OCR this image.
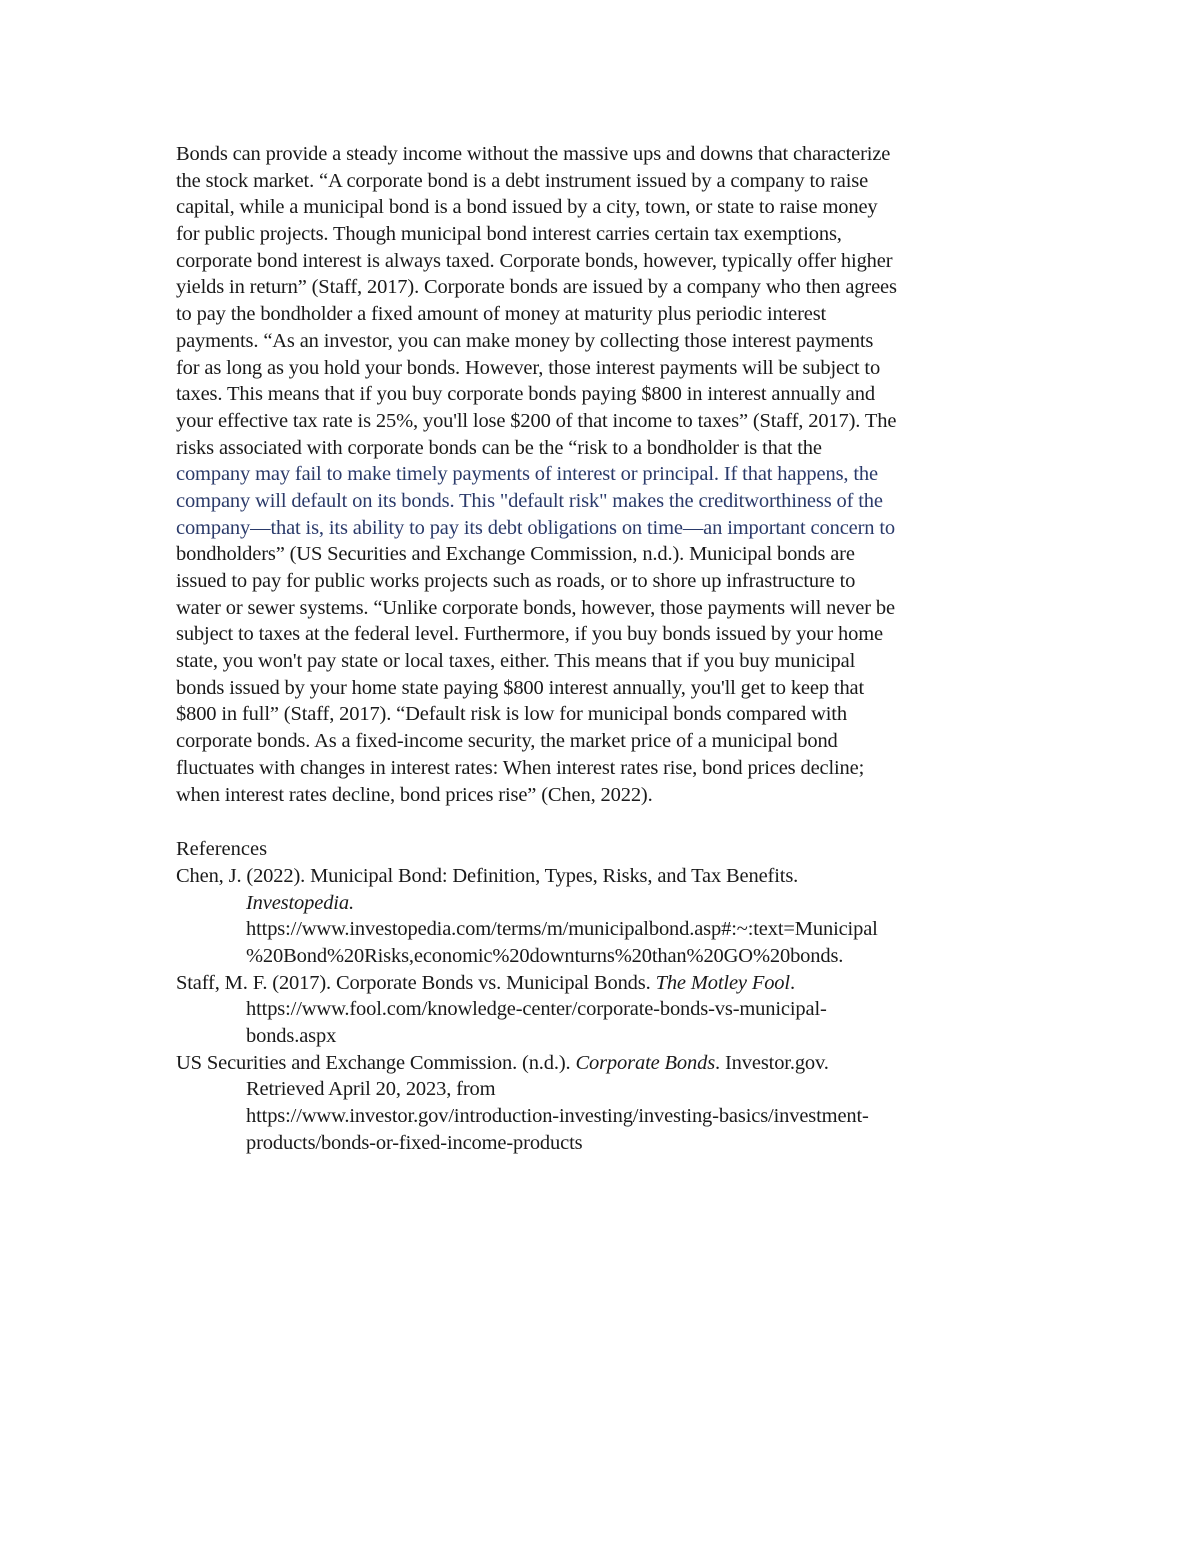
Bonds can provide a steady income without the massive ups and downs that characterize
the stock market. “A corporate bond is a debt instrument issued by a company to raise
capital, while a municipal bond is a bond issued by a city, town, or state to raise money
for public projects. Though municipal bond interest carries certain tax exemptions,
corporate bond interest is always taxed. Corporate bonds, however, typically offer higher
yields in return” (Staff, 2017). Corporate bonds are issued by a company who then agrees
to pay the bondholder a fixed amount of money at maturity plus periodic interest
payments. “As an investor, you can make money by collecting those interest payments
for as long as you hold your bonds. However, those interest payments will be subject to
taxes. This means that if you buy corporate bonds paying $800 in interest annually and
your effective tax rate is 25%, you'll lose $200 of that income to taxes” (Staff, 2017). The
risks associated with corporate bonds can be the “risk to a bondholder is that the
company may fail to make timely payments of interest or principal. If that happens, the
company will default on its bonds. This "default risk" makes the creditworthiness of the
company—that is, its ability to pay its debt obligations on time—an important concern to
bondholders” (US Securities and Exchange Commission, n.d.). Municipal bonds are
issued to pay for public works projects such as roads, or to shore up infrastructure to
water or sewer systems. “Unlike corporate bonds, however, those payments will never be
subject to taxes at the federal level. Furthermore, if you buy bonds issued by your home
state, you won't pay state or local taxes, either. This means that if you buy municipal
bonds issued by your home state paying $800 interest annually, you'll get to keep that
$800 in full” (Staff, 2017). “Default risk is low for municipal bonds compared with
corporate bonds. As a fixed-income security, the market price of a municipal bond
fluctuates with changes in interest rates: When interest rates rise, bond prices decline;
when interest rates decline, bond prices rise” (Chen, 2022).
References
Chen, J. (2022). Municipal Bond: Definition, Types, Risks, and Tax Benefits.
Investopedia.
https://www.investopedia.com/terms/m/municipalbond.asp#:~:text=Municipal
%20Bond%20Risks,economic%20downturns%20than%20GO%20bonds.
Staff, M. F. (2017). Corporate Bonds vs. Municipal Bonds. The Motley Fool.
https://www.fool.com/knowledge-center/corporate-bonds-vs-municipal-
bonds.aspx
US Securities and Exchange Commission. (n.d.). Corporate Bonds. Investor.gov.
Retrieved April 20, 2023, from
https://www.investor.gov/introduction-investing/investing-basics/investment-
products/bonds-or-fixed-income-products
